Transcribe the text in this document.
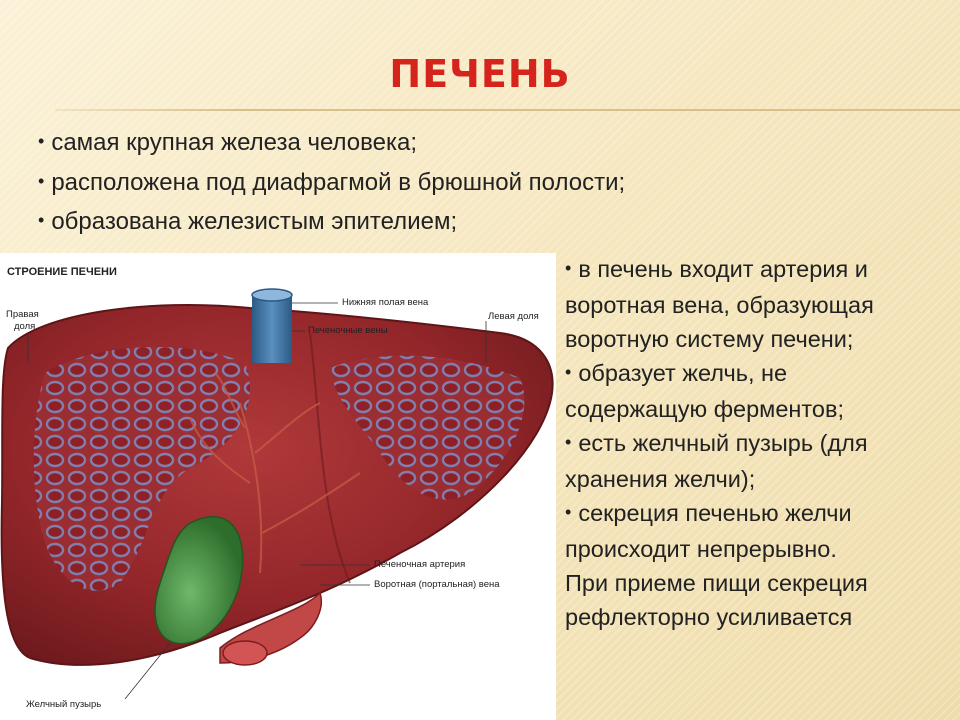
ПЕЧЕНЬ
• самая крупная железа человека;
• расположена под диафрагмой в брюшной полости;
• образована железистым эпителием;
СТРОЕНИЕ ПЕЧЕНИ
Правая
доля
Нижняя полая вена
Печеночные вены
Левая доля
Печеночная артерия
Воротная (портальная) вена
Желчный пузырь
• в печень входит артерия и
воротная вена, образующая
воротную систему печени;
• образует желчь, не
содержащую ферментов;
• есть желчный пузырь (для
хранения желчи);
• секреция печенью желчи
происходит непрерывно.
При приеме пищи секреция
рефлекторно усиливается
